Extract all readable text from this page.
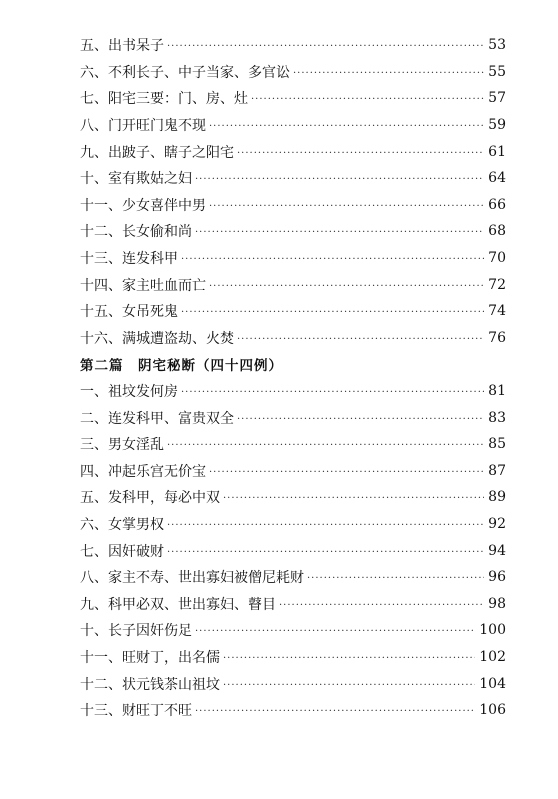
五、出书呆子 ·····	53
六、不利长子、中子当家、多官讼 ·····	55
七、阳宅三要：门、房、灶 ·····	57
八、门开旺门鬼不现 ·····	59
九、出跛子、瞎子之阳宅 ·····	61
十、室有欺姑之妇 ·····	64
十一、少女喜伴中男 ·····	66
十二、长女偷和尚 ·····	68
十三、连发科甲 ·····	70
十四、家主吐血而亡 ·····	72
十五、女吊死鬼 ·····	74
十六、满城遭盗劫、火焚 ·····	76
第二篇　阴宅秘断（四十四例）
一、祖坟发何房 ·····	81
二、连发科甲、富贵双全 ·····	83
三、男女淫乱 ·····	85
四、冲起乐宫无价宝 ·····	87
五、发科甲，每必中双 ·····	89
六、女掌男权 ·····	92
七、因奸破财 ·····	94
八、家主不寿、世出寡妇被僧尼耗财 ·····	96
九、科甲必双、世出寡妇、瞽目 ·····	98
十、长子因奸伤足 ·····	100
十一、旺财丁，出名儒 ·····	102
十二、状元钱茶山祖坟 ·····	104
十三、财旺丁不旺 ·····	106
